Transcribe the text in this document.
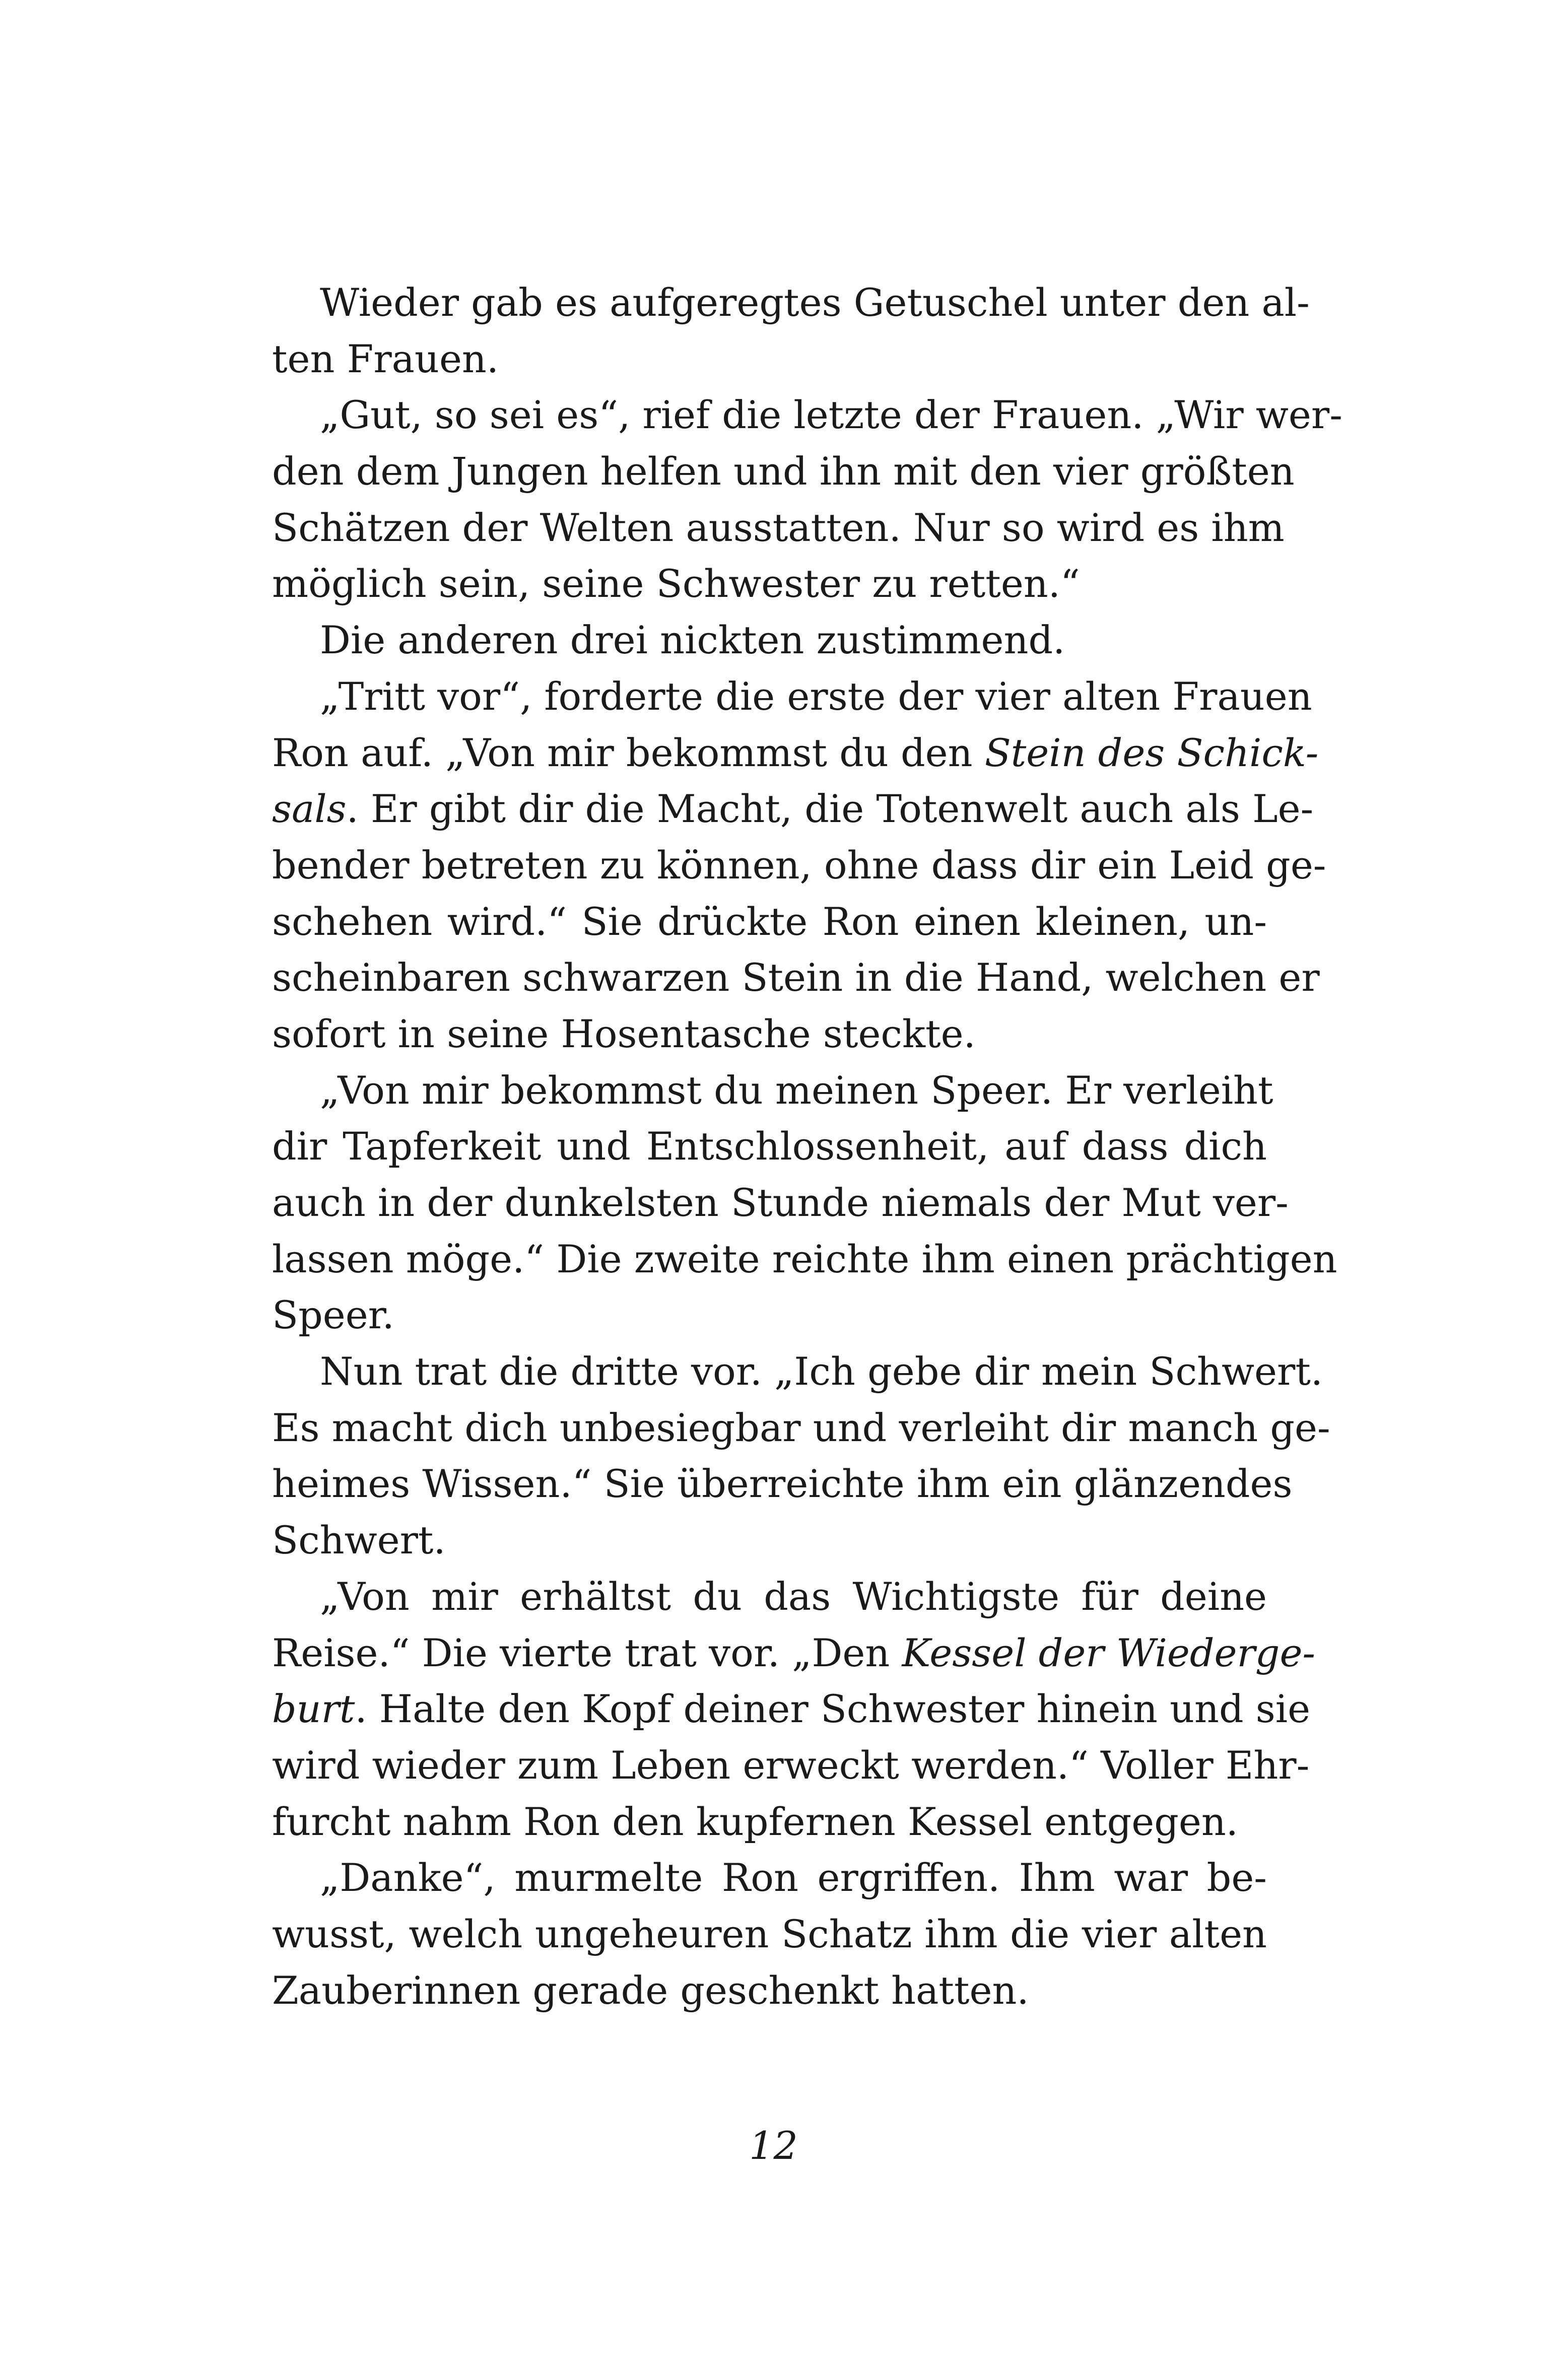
Wieder gab es aufgeregtes Getuschel unter den al-
ten Frauen.
„Gut, so sei es“, rief die letzte der Frauen. „Wir wer-
den dem Jungen helfen und ihn mit den vier größten
Schätzen der Welten ausstatten. Nur so wird es ihm
möglich sein, seine Schwester zu retten.“
Die anderen drei nickten zustimmend.
„Tritt vor“, forderte die erste der vier alten Frauen
Ron auf. „Von mir bekommst du den Stein des Schick-
sals. Er gibt dir die Macht, die Totenwelt auch als Le-
bender betreten zu können, ohne dass dir ein Leid ge-
schehen wird.“ Sie drückte Ron einen kleinen, un-
scheinbaren schwarzen Stein in die Hand, welchen er
sofort in seine Hosentasche steckte.
„Von mir bekommst du meinen Speer. Er verleiht
dir Tapferkeit und Entschlossenheit, auf dass dich
auch in der dunkelsten Stunde niemals der Mut ver-
lassen möge.“ Die zweite reichte ihm einen prächtigen
Speer.
Nun trat die dritte vor. „Ich gebe dir mein Schwert.
Es macht dich unbesiegbar und verleiht dir manch ge-
heimes Wissen.“ Sie überreichte ihm ein glänzendes
Schwert.
„Von mir erhältst du das Wichtigste für deine
Reise.“ Die vierte trat vor. „Den Kessel der Wiederge-
burt. Halte den Kopf deiner Schwester hinein und sie
wird wieder zum Leben erweckt werden.“ Voller Ehr-
furcht nahm Ron den kupfernen Kessel entgegen.
„Danke“, murmelte Ron ergriffen. Ihm war be-
wusst, welch ungeheuren Schatz ihm die vier alten
Zauberinnen gerade geschenkt hatten.
12
